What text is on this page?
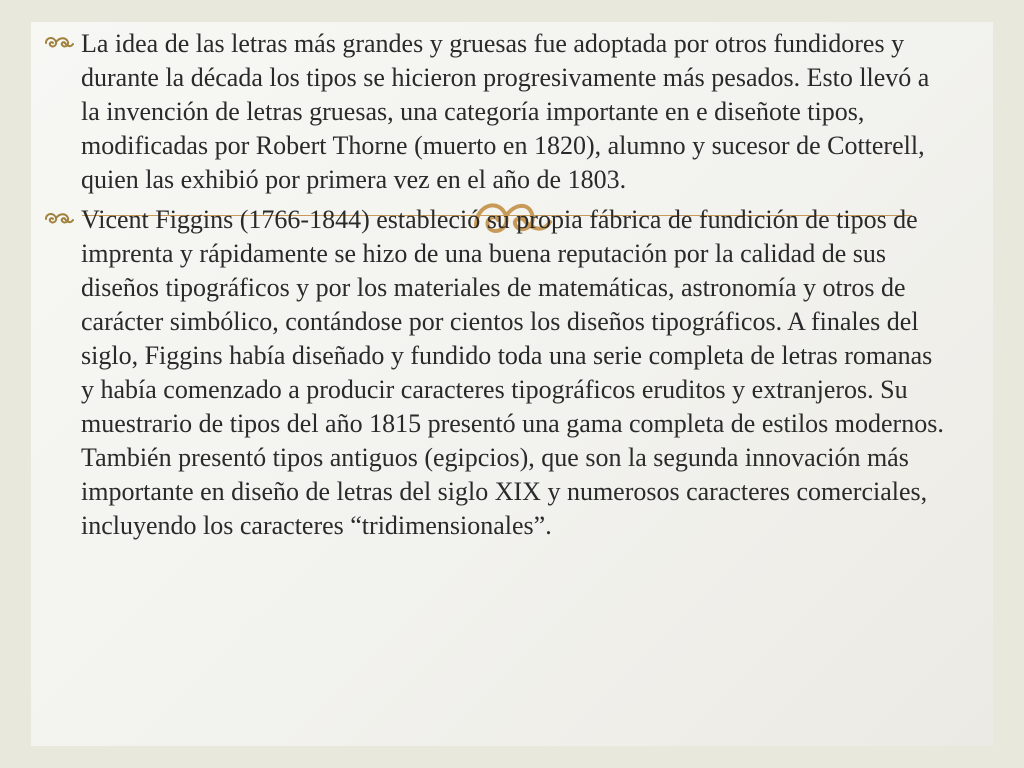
La idea de las letras más grandes y gruesas fue adoptada por otros fundidores y durante la década los tipos se hicieron progresivamente más pesados. Esto llevó a la invención de letras gruesas, una categoría importante en e diseñote tipos, modificadas por Robert Thorne (muerto en 1820), alumno y sucesor de Cotterell, quien las exhibió por primera vez en el año de 1803.
Vicent Figgins (1766-1844) estableció su propia fábrica de fundición de tipos de imprenta y rápidamente se hizo de una buena reputación por la calidad de sus diseños tipográficos y por los materiales de matemáticas, astronomía y otros de carácter simbólico, contándose por cientos los diseños tipográficos. A finales del siglo, Figgins había diseñado y fundido toda una serie completa de letras romanas y había comenzado a producir caracteres tipográficos eruditos y extranjeros. Su muestrario de tipos del año 1815 presentó una gama completa de estilos modernos. También presentó tipos antiguos (egipcios), que son la segunda innovación más importante en diseño de letras del siglo XIX y numerosos caracteres comerciales, incluyendo los caracteres “tridimensionales”.
